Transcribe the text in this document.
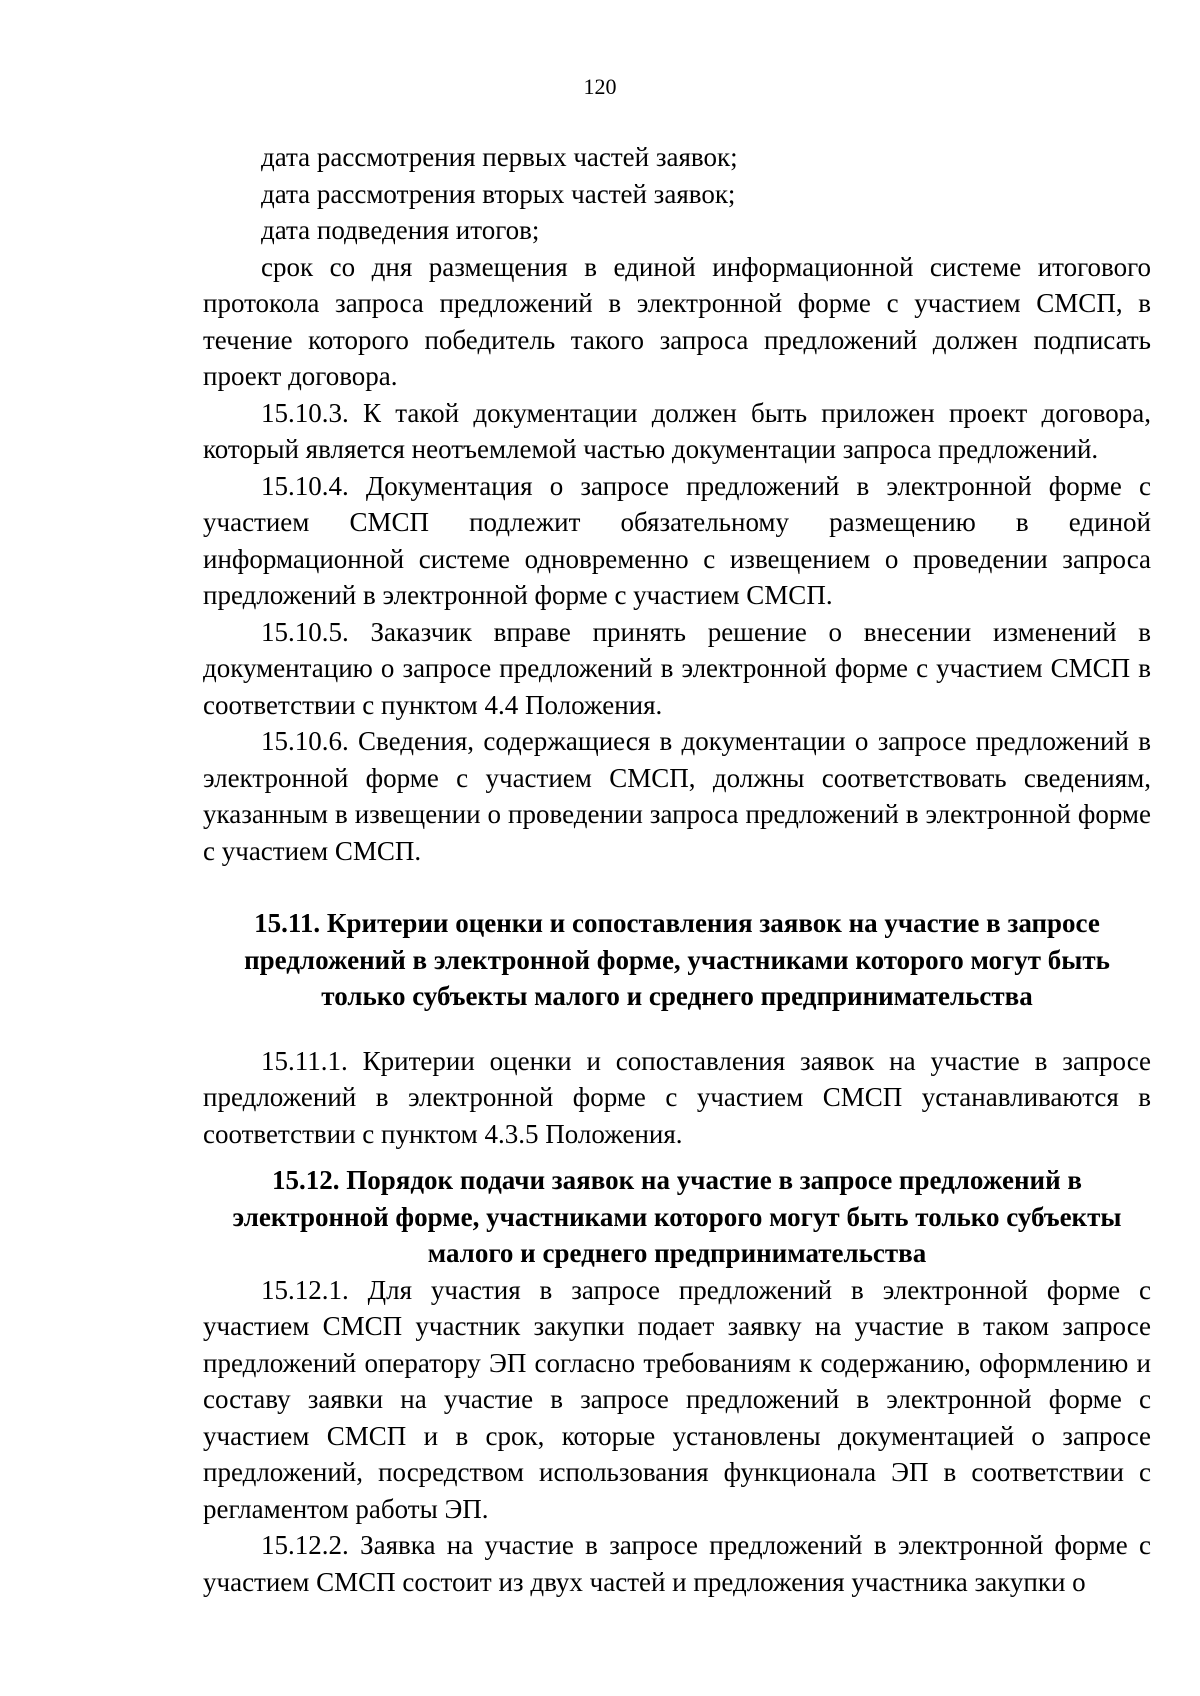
120

дата рассмотрения первых частей заявок;

дата рассмотрения вторых частей заявок;

дата подведения итогов;

срок со дня размещения в единой информационной системе итогового протокола запроса предложений в электронной форме с участием СМСП, в течение которого победитель такого запроса предложений должен подписать проект договора.

15.10.3. К такой документации должен быть приложен проект договора, который является неотъемлемой частью документации запроса предложений.

15.10.4. Документация о запросе предложений в электронной форме с участием СМСП подлежит обязательному размещению в единой информационной системе одновременно с извещением о проведении запроса предложений в электронной форме с участием СМСП.

15.10.5. Заказчик вправе принять решение о внесении изменений в документацию о запросе предложений в электронной форме с участием СМСП в соответствии с пунктом 4.4 Положения.

15.10.6. Сведения, содержащиеся в документации о запросе предложений в электронной форме с участием СМСП, должны соответствовать сведениям, указанным в извещении о проведении запроса предложений в электронной форме с участием СМСП.

15.11. Критерии оценки и сопоставления заявок на участие в запросе предложений в электронной форме, участниками которого могут быть только субъекты малого и среднего предпринимательства

15.11.1. Критерии оценки и сопоставления заявок на участие в запросе предложений в электронной форме с участием СМСП устанавливаются в соответствии с пунктом 4.3.5 Положения.

15.12. Порядок подачи заявок на участие в запросе предложений в электронной форме, участниками которого могут быть только субъекты малого и среднего предпринимательства

15.12.1. Для участия в запросе предложений в электронной форме с участием СМСП участник закупки подает заявку на участие в таком запросе предложений оператору ЭП согласно требованиям к содержанию, оформлению и составу заявки на участие в запросе предложений в электронной форме с участием СМСП и в срок, которые установлены документацией о запросе предложений, посредством использования функционала ЭП в соответствии с регламентом работы ЭП.

15.12.2. Заявка на участие в запросе предложений в электронной форме с участием СМСП состоит из двух частей и предложения участника закупки о
